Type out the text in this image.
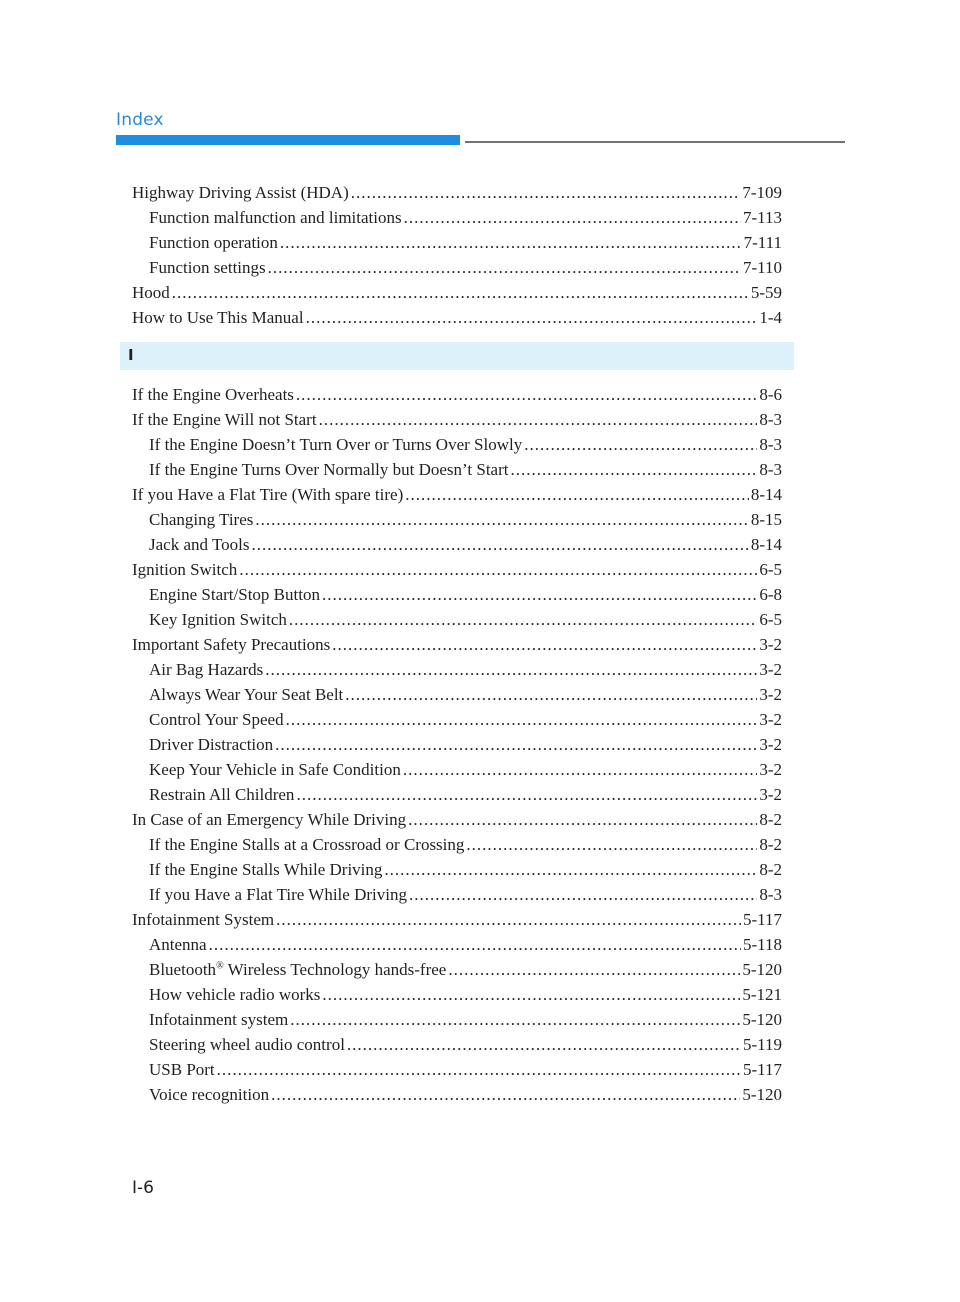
Index
Highway Driving Assist (HDA) .....	7-109
Function malfunction and limitations .....	7-113
Function operation .....	7-111
Function settings .....	7-110
Hood .....	5-59
How to Use This Manual .....	1-4
I
If the Engine Overheats .....	8-6
If the Engine Will not Start .....	8-3
If the Engine Doesn’t Turn Over or Turns Over Slowly .....	8-3
If the Engine Turns Over Normally but Doesn’t Start .....	8-3
If you Have a Flat Tire (With spare tire) .....	8-14
Changing Tires .....	8-15
Jack and Tools .....	8-14
Ignition Switch .....	6-5
Engine Start/Stop Button .....	6-8
Key Ignition Switch .....	6-5
Important Safety Precautions .....	3-2
Air Bag Hazards .....	3-2
Always Wear Your Seat Belt .....	3-2
Control Your Speed .....	3-2
Driver Distraction .....	3-2
Keep Your Vehicle in Safe Condition .....	3-2
Restrain All Children .....	3-2
In Case of an Emergency While Driving .....	8-2
If the Engine Stalls at a Crossroad or Crossing .....	8-2
If the Engine Stalls While Driving .....	8-2
If you Have a Flat Tire While Driving .....	8-3
Infotainment System .....	5-117
Antenna .....	5-118
Bluetooth® Wireless Technology hands-free .....	5-120
How vehicle radio works .....	5-121
Infotainment system .....	5-120
Steering wheel audio control .....	5-119
USB Port .....	5-117
Voice recognition .....	5-120
I-6
